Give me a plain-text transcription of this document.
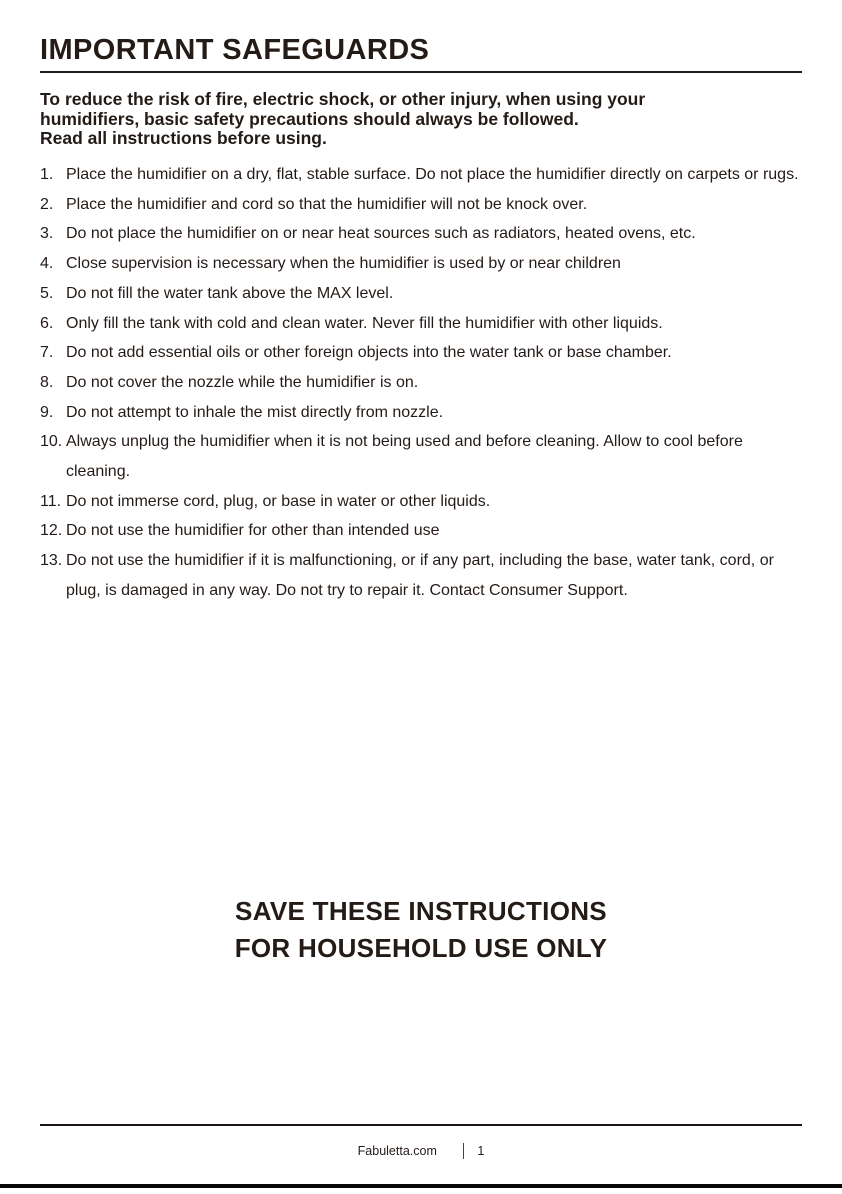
IMPORTANT SAFEGUARDS

To reduce the risk of fire, electric shock, or other injury, when using your
humidifiers, basic safety precautions should always be followed.
Read all instructions before using.

1. Place the humidifier on a dry, flat, stable surface. Do not place the humidifier directly on carpets or rugs.
2. Place the humidifier and cord so that the humidifier will not be knock over.
3. Do not place the humidifier on or near heat sources such as radiators, heated ovens, etc.
4. Close supervision is necessary when the humidifier is used by or near children
5. Do not fill the water tank above the MAX level.
6. Only fill the tank with cold and clean water. Never fill the humidifier with other liquids.
7. Do not add essential oils or other foreign objects into the water tank or base chamber.
8. Do not cover the nozzle while the humidifier is on.
9. Do not attempt to inhale the mist directly from nozzle.
10. Always unplug the humidifier when it is not being used and before cleaning. Allow to cool before cleaning.
11. Do not immerse cord, plug, or base in water or other liquids.
12. Do not use the humidifier for other than intended use
13. Do not use the humidifier if it is malfunctioning, or if any part, including the base, water tank, cord, or plug, is damaged in any way. Do not try to repair it. Contact Consumer Support.
SAVE THESE INSTRUCTIONS
FOR HOUSEHOLD USE ONLY
Fabuletta.com	1
